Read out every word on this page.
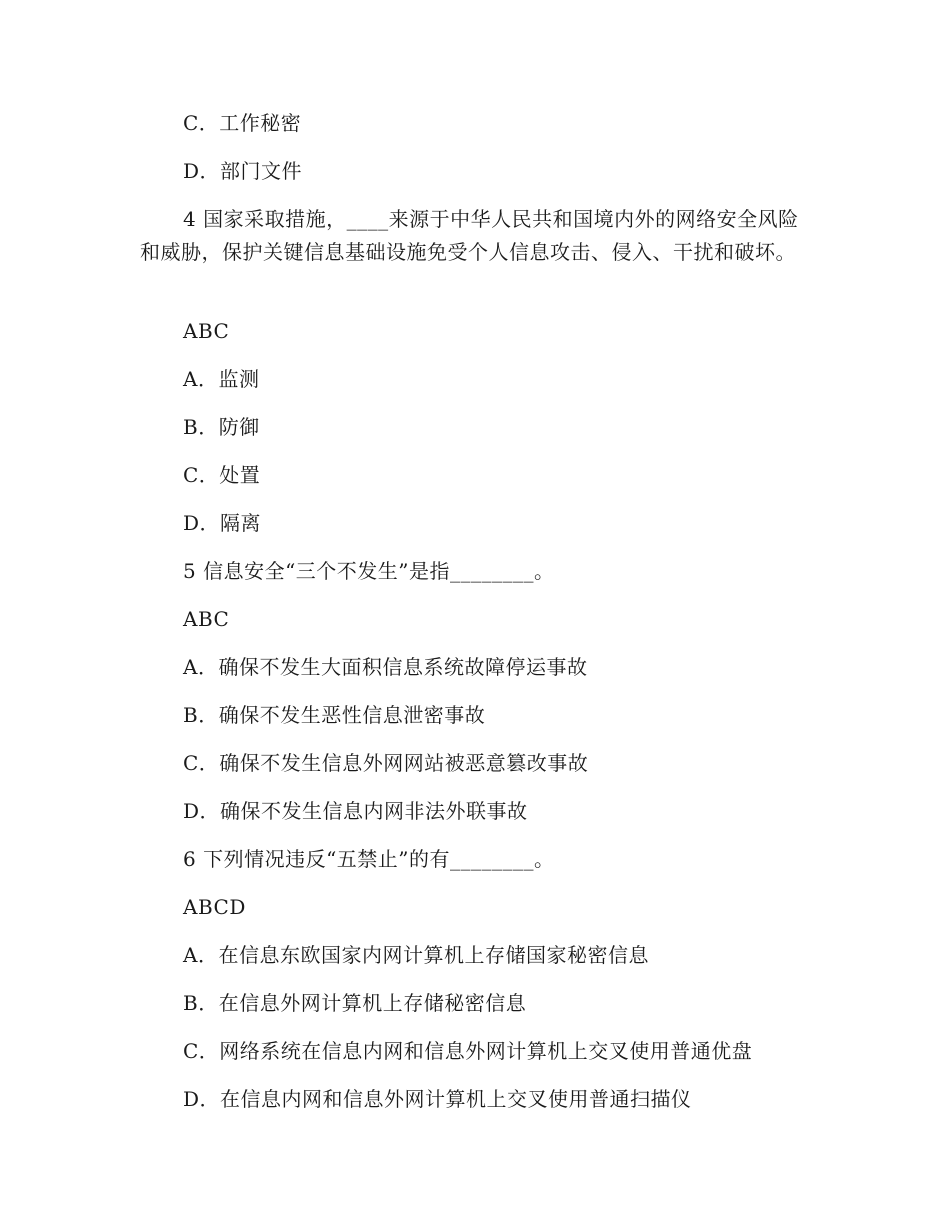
C．工作秘密
D．部门文件
4 国家采取措施，____来源于中华人民共和国境内外的网络安全风险和威胁，保护关键信息基础设施免受个人信息攻击、侵入、干扰和破坏。
ABC
A．监测
B．防御
C．处置
D．隔离
5 信息安全“三个不发生”是指________。
ABC
A．确保不发生大面积信息系统故障停运事故
B．确保不发生恶性信息泄密事故
C．确保不发生信息外网网站被恶意篡改事故
D．确保不发生信息内网非法外联事故
6 下列情况违反“五禁止”的有________。
ABCD
A．在信息东欧国家内网计算机上存储国家秘密信息
B．在信息外网计算机上存储秘密信息
C．网络系统在信息内网和信息外网计算机上交叉使用普通优盘
D．在信息内网和信息外网计算机上交叉使用普通扫描仪
